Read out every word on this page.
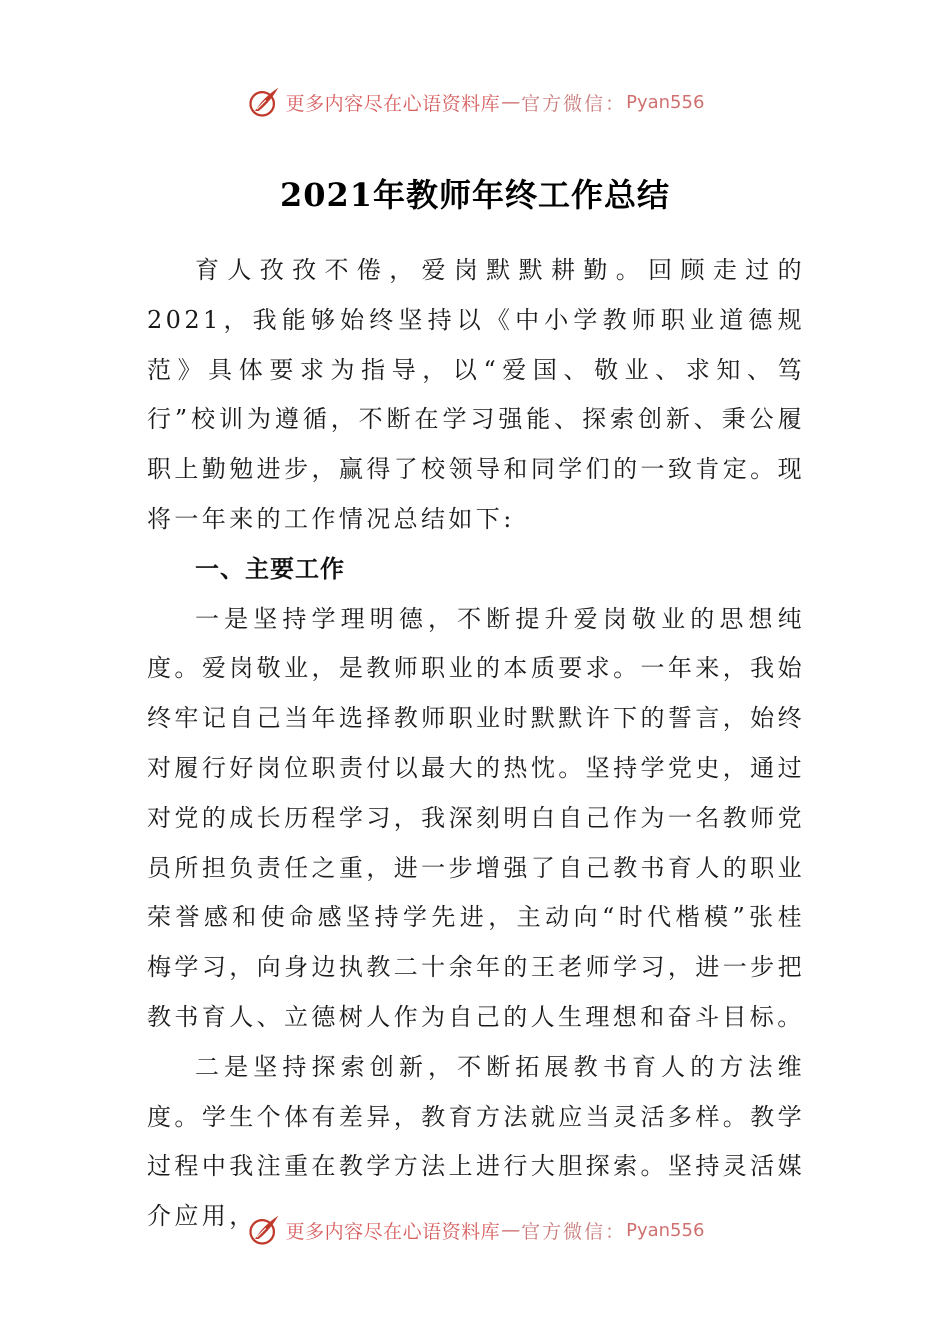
更多内容尽在心语资料库 — 官方微信： Pyan556
2021年教师年终工作总结

育人孜孜不倦，爱岗默默耕勤。回顾走过的2021，我能够始终坚持以《中小学教师职业道德规范》具体要求为指导，以“爱国、敬业、求知、笃行”校训为遵循，不断在学习强能、探索创新、秉公履职上勤勉进步，赢得了校领导和同学们的一致肯定。现将一年来的工作情况总结如下:

一、主要工作

一是坚持学理明德，不断提升爱岗敬业的思想纯度。爱岗敬业，是教师职业的本质要求。一年来，我始终牢记自己当年选择教师职业时默默许下的誓言，始终对履行好岗位职责付以最大的热忱。坚持学党史，通过对党的成长历程学习，我深刻明白自己作为一名教师党员所担负责任之重，进一步增强了自己教书育人的职业荣誉感和使命感坚持学先进，主动向“时代楷模”张桂梅学习，向身边执教二十余年的王老师学习，进一步把教书育人、立德树人作为自己的人生理想和奋斗目标。

二是坚持探索创新，不断拓展教书育人的方法维度。学生个体有差异，教育方法就应当灵活多样。教学过程中我注重在教学方法上进行大胆探索。坚持灵活媒介应用，

更多内容尽在心语资料库 — 官方微信： Pyan556
